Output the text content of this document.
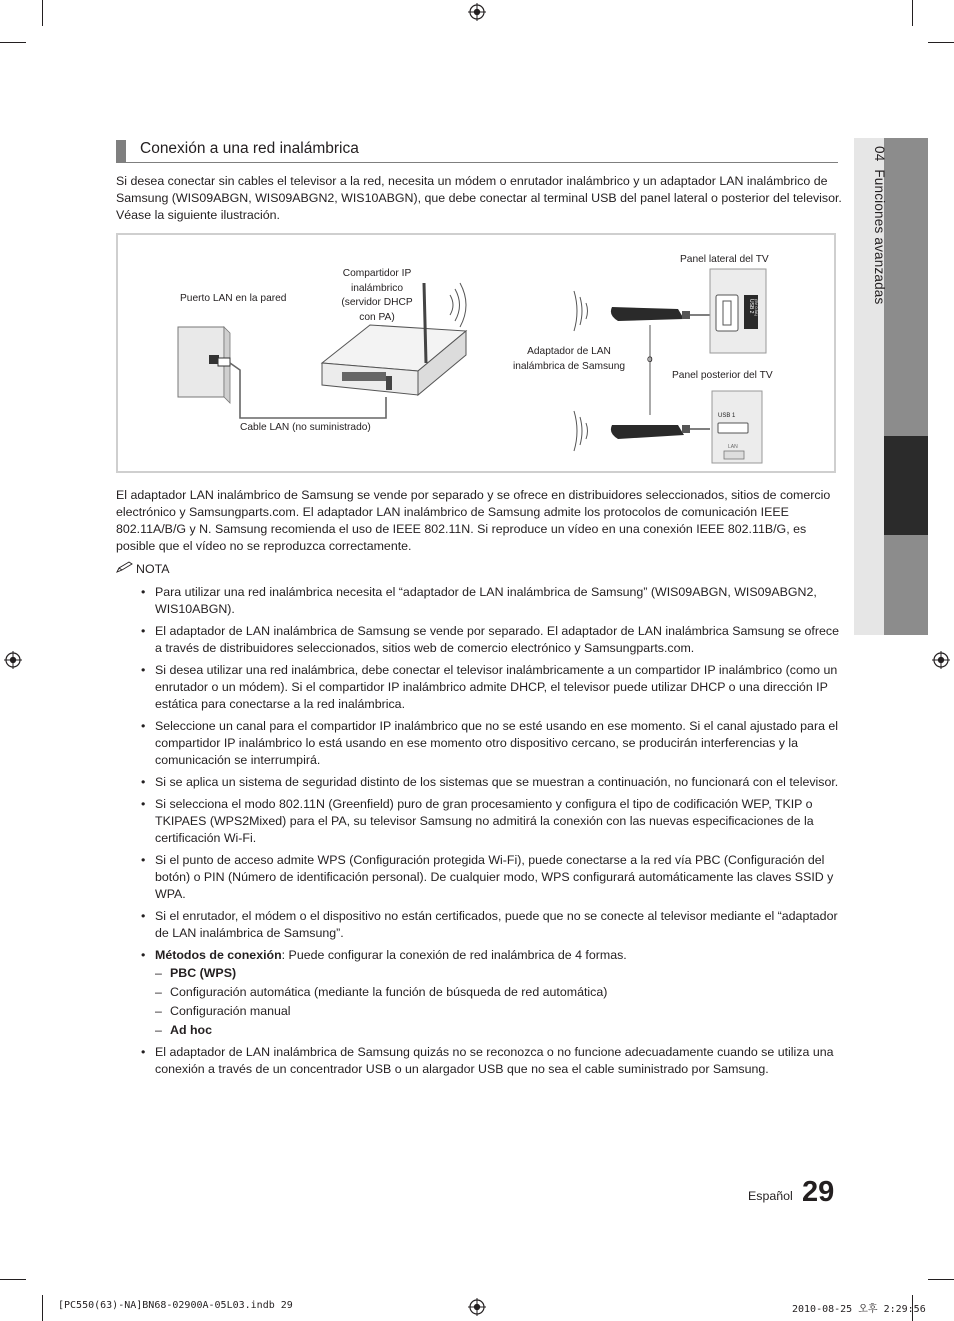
04  Funciones avanzadas
Conexión a una red inalámbrica
Si desea conectar sin cables el televisor a la red, necesita un módem o enrutador inalámbrico y un adaptador LAN inalámbrico de Samsung (WIS09ABGN, WIS09ABGN2, WIS10ABGN), que debe conectar al terminal USB del panel lateral o posterior del televisor. Véase la siguiente ilustración.
USB 2 (5V 0.5A)
USB 1
LAN
Puerto LAN en la pared
Compartidor IP
inalámbrico
(servidor DHCP
con PA)
Cable LAN (no suministrado)
Adaptador de LAN
inalámbrica de Samsung
o
Panel lateral del TV
Panel posterior del TV
El adaptador LAN inalámbrico de Samsung se vende por separado y se ofrece en distribuidores seleccionados, sitios de comercio electrónico y Samsungparts.com. El adaptador LAN inalámbrico de Samsung admite los protocolos de comunicación IEEE 802.11A/B/G y N. Samsung recomienda el uso de IEEE 802.11N. Si reproduce un vídeo en una conexión IEEE 802.11B/G, es posible que el vídeo no se reproduzca correctamente.
NOTA
• Para utilizar una red inalámbrica necesita el “adaptador de LAN inalámbrica de Samsung” (WIS09ABGN, WIS09ABGN2, WIS10ABGN).
• El adaptador de LAN inalámbrica de Samsung se vende por separado. El adaptador de LAN inalámbrica Samsung se ofrece a través de distribuidores seleccionados, sitios web de comercio electrónico y Samsungparts.com.
• Si desea utilizar una red inalámbrica, debe conectar el televisor inalámbricamente a un compartidor IP inalámbrico (como un enrutador o un módem). Si el compartidor IP inalámbrico admite DHCP, el televisor puede utilizar DHCP o una dirección IP estática para conectarse a la red inalámbrica.
• Seleccione un canal para el compartidor IP inalámbrico que no se esté usando en ese momento. Si el canal ajustado para el compartidor IP inalámbrico lo está usando en ese momento otro dispositivo cercano, se producirán interferencias y la comunicación se interrumpirá.
• Si se aplica un sistema de seguridad distinto de los sistemas que se muestran a continuación, no funcionará con el televisor.
• Si selecciona el modo 802.11N (Greenfield) puro de gran procesamiento y configura el tipo de codificación WEP, TKIP o TKIPAES (WPS2Mixed) para el PA, su televisor Samsung no admitirá la conexión con las nuevas especificaciones de la certificación Wi-Fi.
• Si el punto de acceso admite WPS (Configuración protegida Wi-Fi), puede conectarse a la red vía PBC (Configuración del botón) o PIN (Número de identificación personal). De cualquier modo, WPS configurará automáticamente las claves SSID y WPA.
• Si el enrutador, el módem o el dispositivo no están certificados, puede que no se conecte al televisor mediante el “adaptador de LAN inalámbrica de Samsung”.
• Métodos de conexión: Puede configurar la conexión de red inalámbrica de 4 formas.
– PBC (WPS)
– Configuración automática (mediante la función de búsqueda de red automática)
– Configuración manual
– Ad hoc
• El adaptador de LAN inalámbrica de Samsung quizás no se reconozca o no funcione adecuadamente cuando se utiliza una conexión a través de un concentrador USB o un alargador USB que no sea el cable suministrado por Samsung.
Español 29
[PC550(63)-NA]BN68-02900A-05L03.indb 29	2010-08-25 오후 2:29:56
